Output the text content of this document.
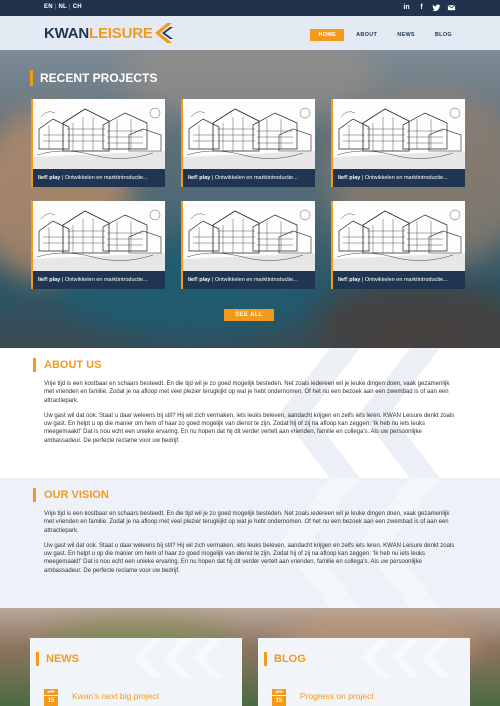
EN | NL | CH	in	f
KWANLEISURE	HOME	ABOUT	NEWS	BLOG
RECENT PROJECTS
lief! play | Ontwikkelen en marktintroductie...	lief! play | Ontwikkelen en marktintroductie...	lief! play | Ontwikkelen en marktintroductie...
lief! play | Ontwikkelen en marktintroductie...	lief! play | Ontwikkelen en marktintroductie...	lief! play | Ontwikkelen en marktintroductie...
SEE ALL
ABOUT US

Vrije tijd is een kostbaar en schaars besteedt. En die tijd wil je zo goed mogelijk besteden. Net zoals iedereen wil je leuke dingen doen, vaak gezamenlijk met vrienden en familie. Zodat je na afloop met veel plezier terugkijkt op wat je hebt ondernomen. Of het nu een bezoek aan een zwembad is of aan een attractiepark.

Uw gast wil dat ook. Staat u daar weleens bij stil? Hij wil zich vermaken, iets leuks beleven, aandacht krijgen en zelfs iets leren. KWAN Leisure denkt zoals uw gast. En helpt u op die manier om hem of haar zo goed mogelijk van dienst te zijn. Zodat hij of zij na afloop kan zeggen: 'Ik heb nu iets leuks meegemaakt!' Dat is nou echt een unieke ervaring. En nu hopen dat hij dit verder vertelt aan vrienden, familie en collega's. Als uw persoonlijke ambassadeur. De perfecte reclame voor uw bedrijf.

OUR VISION

Vrije tijd is een kostbaar en schaars besteedt. En die tijd wil je zo goed mogelijk besteden. Net zoals iedereen wil je leuke dingen doen, vaak gezamenlijk met vrienden en familie. Zodat je na afloop met veel plezier terugkijkt op wat je hebt ondernomen. Of het nu een bezoek aan een zwembad is of aan een attractiepark.

Uw gast wil dat ook. Staat u daar weleens bij stil? Hij wil zich vermaken, iets leuks beleven, aandacht krijgen en zelfs iets leren. KWAN Leisure denkt zoals uw gast. En helpt u op die manier om hem of haar zo goed mogelijk van dienst te zijn. Zodat hij of zij na afloop kan zeggen: 'Ik heb nu iets leuks meegemaakt!' Dat is nou echt een unieke ervaring. En nu hopen dat hij dit verder vertelt aan vrienden, familie en collega's. Als uw persoonlijke ambassadeur. De perfecte reclame voor uw bedrijf.

NEWS
APR
15	Kwan's next big project
BLOG
APR
15	Progress on project
